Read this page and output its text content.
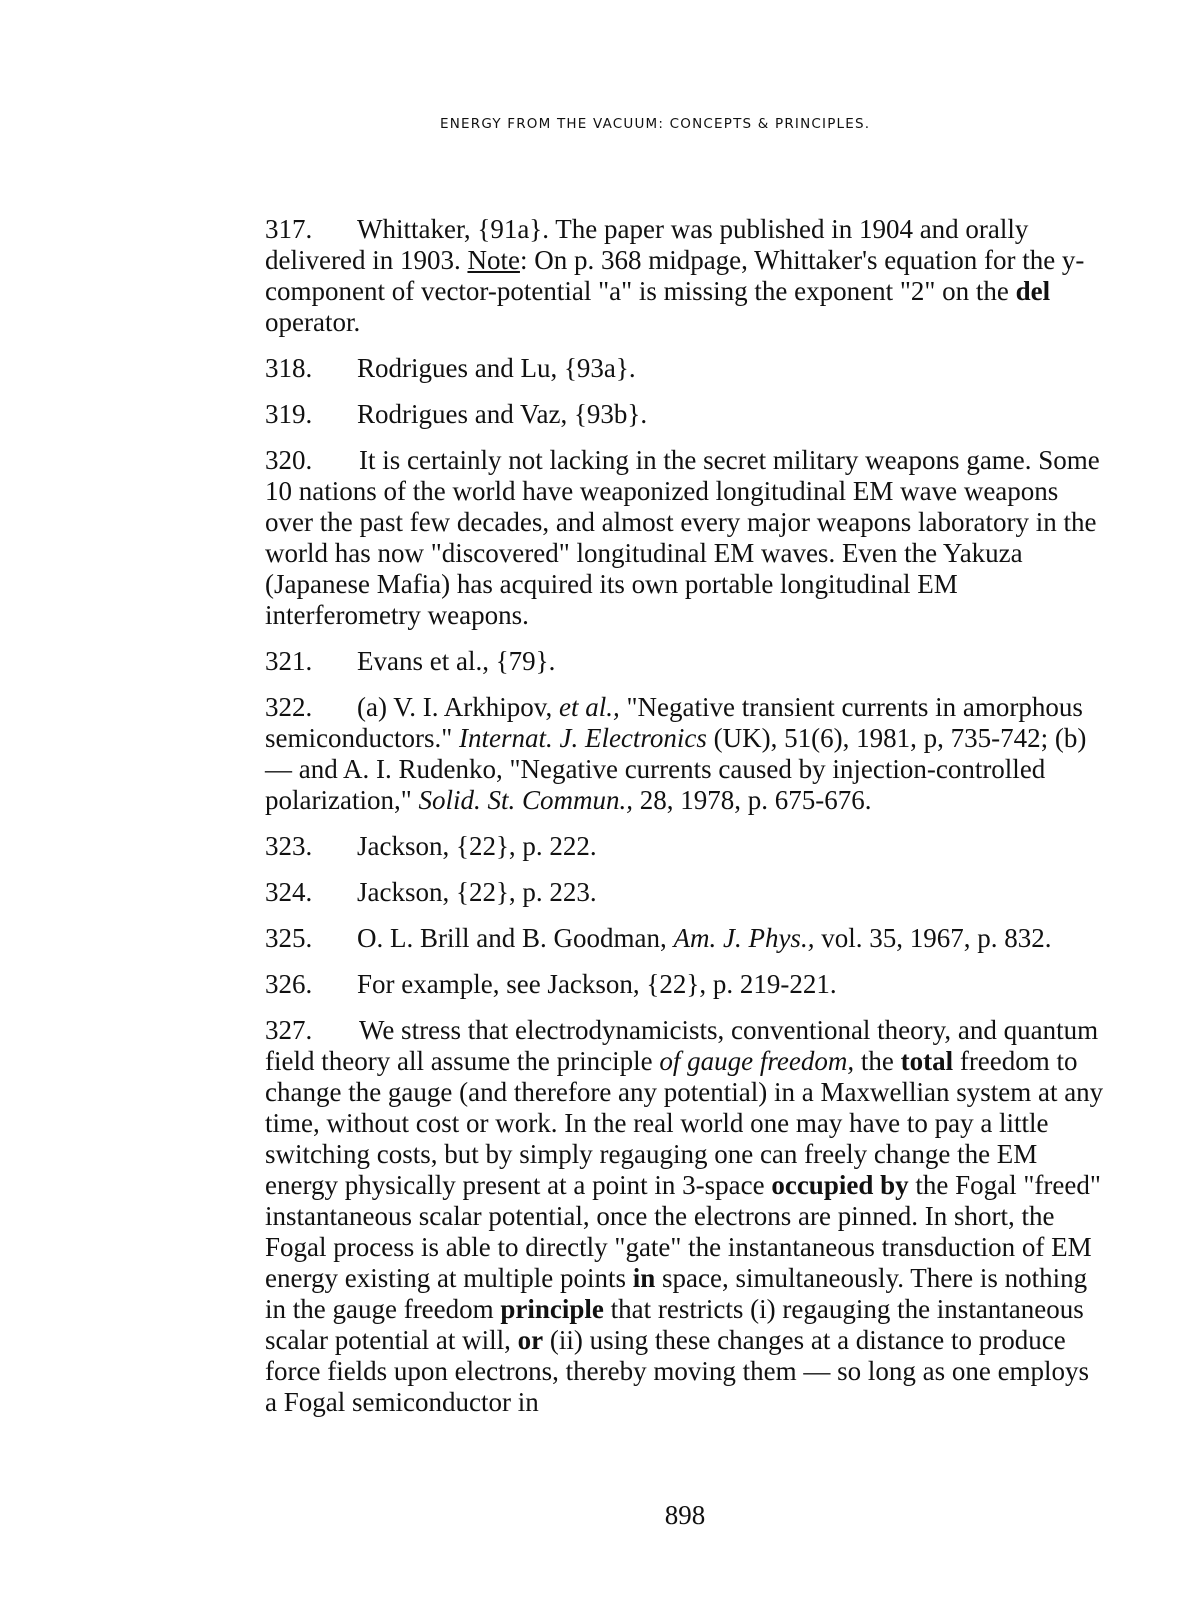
ENERGY FROM THE VACUUM: CONCEPTS & PRINCIPLES.

317. Whittaker, {91a}. The paper was published in 1904 and orally delivered in 1903. Note: On p. 368 midpage, Whittaker's equation for the y-component of vector-potential "a" is missing the exponent "2" on the del operator.

318. Rodrigues and Lu, {93a}.

319. Rodrigues and Vaz, {93b}.

320. It is certainly not lacking in the secret military weapons game. Some 10 nations of the world have weaponized longitudinal EM wave weapons over the past few decades, and almost every major weapons laboratory in the world has now "discovered" longitudinal EM waves. Even the Yakuza (Japanese Mafia) has acquired its own portable longitudinal EM interferometry weapons.

321. Evans et al., {79}.

322. (a) V. I. Arkhipov, et al., "Negative transient currents in amorphous semiconductors." Internat. J. Electronics (UK), 51(6), 1981, p, 735-742; (b) — and A. I. Rudenko, "Negative currents caused by injection-controlled polarization," Solid. St. Commun., 28, 1978, p. 675-676.

323. Jackson, {22}, p. 222.

324. Jackson, {22}, p. 223.

325. O. L. Brill and B. Goodman, Am. J. Phys., vol. 35, 1967, p. 832.

326. For example, see Jackson, {22}, p. 219-221.

327. We stress that electrodynamicists, conventional theory, and quantum field theory all assume the principle of gauge freedom, the total freedom to change the gauge (and therefore any potential) in a Maxwellian system at any time, without cost or work. In the real world one may have to pay a little switching costs, but by simply regauging one can freely change the EM energy physically present at a point in 3-space occupied by the Fogal "freed" instantaneous scalar potential, once the electrons are pinned. In short, the Fogal process is able to directly "gate" the instantaneous transduction of EM energy existing at multiple points in space, simultaneously. There is nothing in the gauge freedom principle that restricts (i) regauging the instantaneous scalar potential at will, or (ii) using these changes at a distance to produce force fields upon electrons, thereby moving them — so long as one employs a Fogal semiconductor in

898
